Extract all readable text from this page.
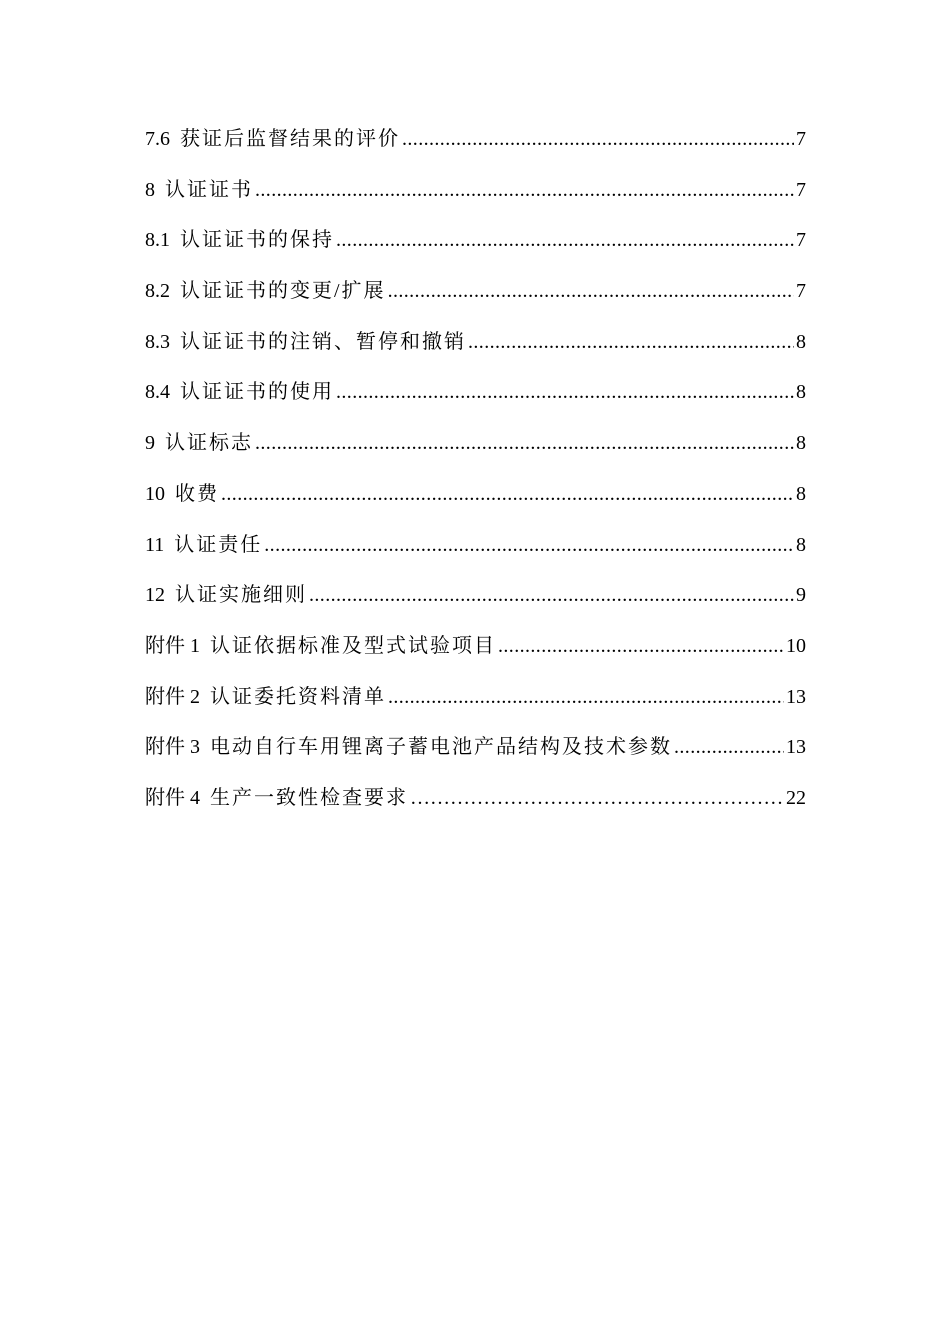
7.6 获证后监督结果的评价 .....	7
8 认证证书 .....	7
8.1 认证证书的保持 .....	7
8.2 认证证书的变更/扩展 .....	7
8.3 认证证书的注销、暂停和撤销 .....	8
8.4 认证证书的使用 .....	8
9 认证标志 .....	8
10 收费 .....	8
11 认证责任 .....	8
12 认证实施细则 .....	9
附件 1 认证依据标准及型式试验项目 .....	10
附件 2 认证委托资料清单 .....	13
附件 3 电动自行车用锂离子蓄电池产品结构及技术参数 .....	13
附件 4 生产一致性检查要求 ……………………………………………………………………………………………………………………………………	22
